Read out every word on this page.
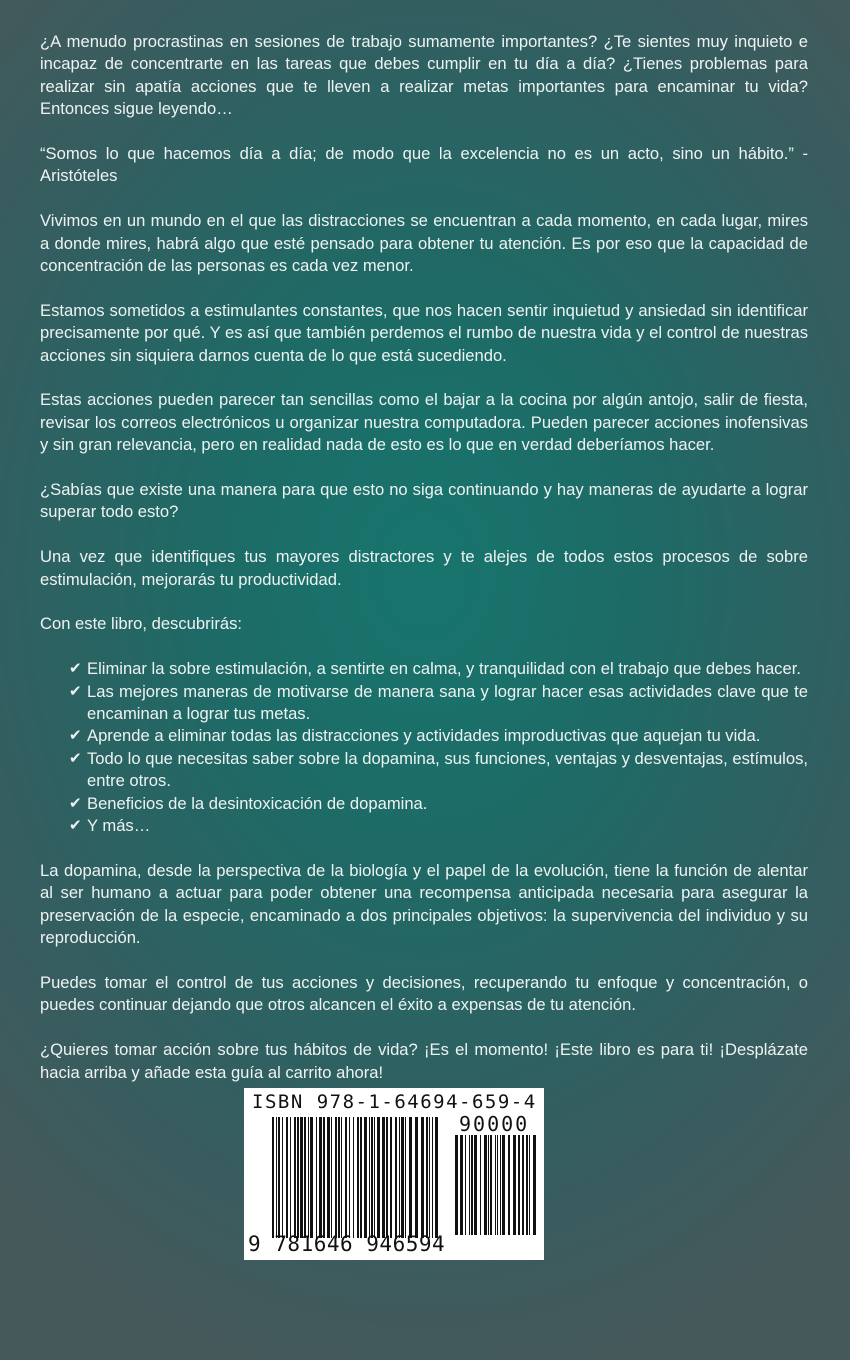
¿A menudo procrastinas en sesiones de trabajo sumamente importantes? ¿Te sientes muy inquieto e incapaz de concentrarte en las tareas que debes cumplir en tu día a día? ¿Tienes problemas para realizar sin apatía acciones que te lleven a realizar metas importantes para encaminar tu vida? Entonces sigue leyendo…

“Somos lo que hacemos día a día; de modo que la excelencia no es un acto, sino un hábito.” - Aristóteles

Vivimos en un mundo en el que las distracciones se encuentran a cada momento, en cada lugar, mires a donde mires, habrá algo que esté pensado para obtener tu atención. Es por eso que la capacidad de concentración de las personas es cada vez menor.

Estamos sometidos a estimulantes constantes, que nos hacen sentir inquietud y ansiedad sin identificar precisamente por qué. Y es así que también perdemos el rumbo de nuestra vida y el control de nuestras acciones sin siquiera darnos cuenta de lo que está sucediendo.

Estas acciones pueden parecer tan sencillas como el bajar a la cocina por algún antojo, salir de fiesta, revisar los correos electrónicos u organizar nuestra computadora. Pueden parecer acciones inofensivas y sin gran relevancia, pero en realidad nada de esto es lo que en verdad deberíamos hacer.

¿Sabías que existe una manera para que esto no siga continuando y hay maneras de ayudarte a lograr superar todo esto?

Una vez que identifiques tus mayores distractores y te alejes de todos estos procesos de sobre estimulación, mejorarás tu productividad.

Con este libro, descubrirás:

✔ Eliminar la sobre estimulación, a sentirte en calma, y tranquilidad con el trabajo que debes hacer.
✔ Las mejores maneras de motivarse de manera sana y lograr hacer esas actividades clave que te encaminan a lograr tus metas.
✔ Aprende a eliminar todas las distracciones y actividades improductivas que aquejan tu vida.
✔ Todo lo que necesitas saber sobre la dopamina, sus funciones, ventajas y desventajas, estímulos, entre otros.
✔ Beneficios de la desintoxicación de dopamina.
✔ Y más…

La dopamina, desde la perspectiva de la biología y el papel de la evolución, tiene la función de alentar al ser humano a actuar para poder obtener una recompensa anticipada necesaria para asegurar la preservación de la especie, encaminado a dos principales objetivos: la supervivencia del individuo y su reproducción.

Puedes tomar el control de tus acciones y decisiones, recuperando tu enfoque y concentración, o puedes continuar dejando que otros alcancen el éxito a expensas de tu atención.

¿Quieres tomar acción sobre tus hábitos de vida? ¡Es el momento! ¡Este libro es para ti! ¡Desplázate hacia arriba y añade esta guía al carrito ahora!

ISBN 978-1-64694-659-4
90000
9 781646 946594
